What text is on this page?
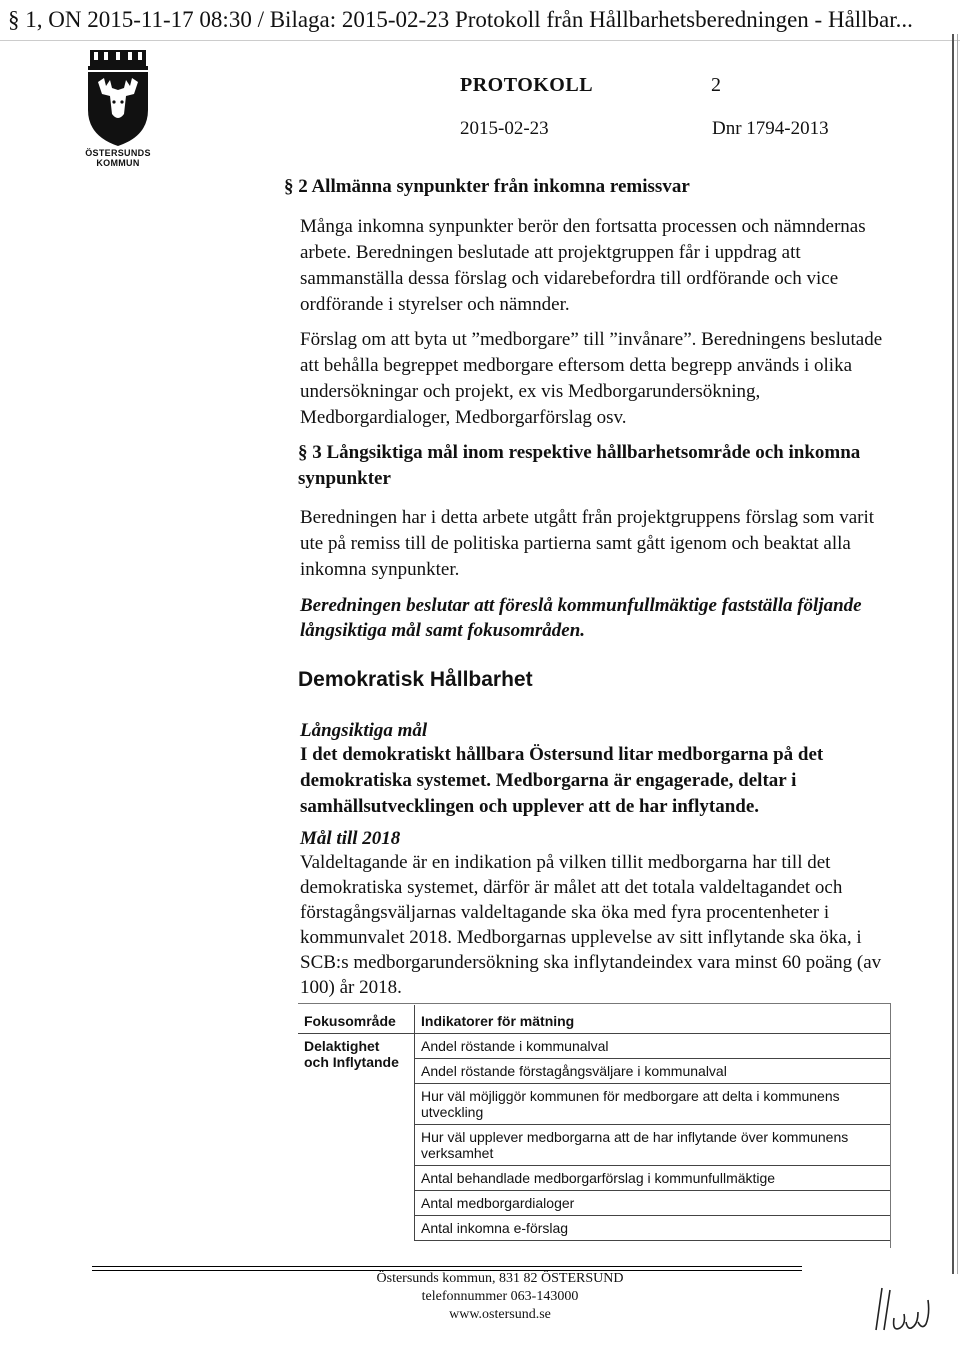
§ 1, ON 2015-11-17 08:30 / Bilaga: 2015-02-23 Protokoll från Hållbarhetsberedningen - Hållbar...
ÖSTERSUNDS
KOMMUN
PROTOKOLL	2
2015-02-23	Dnr 1794-2013
§ 2 Allmänna synpunkter från inkomna remissvar
Många inkomna synpunkter berör den fortsatta processen och nämndernas arbete. Beredningen beslutade att projektgruppen får i uppdrag att sammanställa dessa förslag och vidarebefordra till ordförande och vice ordförande i styrelser och nämnder.
Förslag om att byta ut ”medborgare” till ”invånare”. Beredningens beslutade att behålla begreppet medborgare eftersom detta begrepp används i olika undersökningar och projekt, ex vis Medborgarundersökning, Medborgardialoger, Medborgarförslag osv.
§ 3 Långsiktiga mål inom respektive hållbarhetsområde och inkomna synpunkter
Beredningen har i detta arbete utgått från projektgruppens förslag som varit ute på remiss till de politiska partierna samt gått igenom och beaktat alla inkomna synpunkter.
Beredningen beslutar att föreslå kommunfullmäktige fastställa följande långsiktiga mål samt fokusområden.
Demokratisk Hållbarhet
Långsiktiga mål
I det demokratiskt hållbara Östersund litar medborgarna på det demokratiska systemet. Medborgarna är engagerade, deltar i samhällsutvecklingen och upplever att de har inflytande.
Mål till 2018
Valdeltagande är en indikation på vilken tillit medborgarna har till det demokratiska systemet, därför är målet att det totala valdeltagandet och förstagångsväljarnas valdeltagande ska öka med fyra procentenheter i kommunvalet 2018. Medborgarnas upplevelse av sitt inflytande ska öka, i SCB:s medborgarundersökning ska inflytandeindex vara minst 60 poäng (av 100) år 2018.
Fokusområde	Indikatorer för mätning

Delaktighet
och Inflytande	Andel röstande i kommunalval
	Andel röstande förstagångsväljare i kommunalval
	Hur väl möjliggör kommunen för medborgare att delta i kommunens utveckling
	Hur väl upplever medborgarna att de har inflytande över kommunens verksamhet
	Antal behandlade medborgarförslag i kommunfullmäktige
	Antal medborgardialoger
	Antal inkomna e-förslag
Östersunds kommun, 831 82 ÖSTERSUND
telefonnummer 063-143000
www.ostersund.se
